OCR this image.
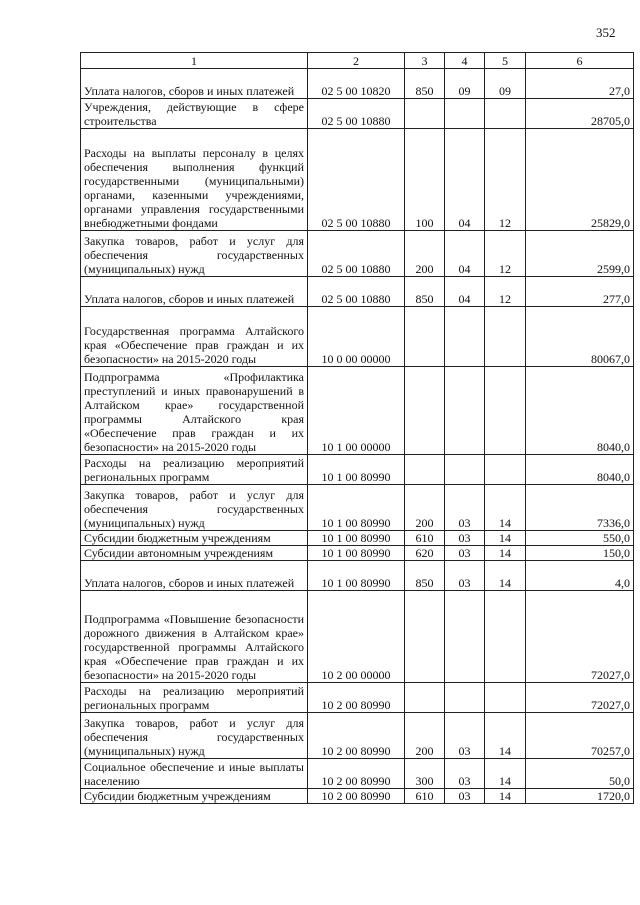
352
1	2	3	4	5	6
Уплата налогов, сборов и иных платежей	02 5 00 10820	850	09	09	27,0
Учреждения, действующие в сфере строительства	02 5 00 10880				28705,0
Расходы на выплаты персоналу в целях обеспечения выполнения функций государственными (муниципальными) органами, казенными учреждениями, органами управления государственными внебюджетными фондами	02 5 00 10880	100	04	12	25829,0
Закупка товаров, работ и услуг для обеспечения государственных (муниципальных) нужд	02 5 00 10880	200	04	12	2599,0
Уплата налогов, сборов и иных платежей	02 5 00 10880	850	04	12	277,0
Государственная программа Алтайского края «Обеспечение прав граждан и их безопасности» на 2015-2020 годы	10 0 00 00000				80067,0
Подпрограмма «Профилактика преступлений и иных правонарушений в Алтайском крае» государственной программы Алтайского края «Обеспечение прав граждан и их безопасности» на 2015-2020 годы	10 1 00 00000				8040,0
Расходы на реализацию мероприятий региональных программ	10 1 00 80990				8040,0
Закупка товаров, работ и услуг для обеспечения государственных (муниципальных) нужд	10 1 00 80990	200	03	14	7336,0
Субсидии бюджетным учреждениям	10 1 00 80990	610	03	14	550,0
Субсидии автономным учреждениям	10 1 00 80990	620	03	14	150,0
Уплата налогов, сборов и иных платежей	10 1 00 80990	850	03	14	4,0
Подпрограмма «Повышение безопасности дорожного движения в Алтайском крае» государственной программы Алтайского края «Обеспечение прав граждан и их безопасности» на 2015-2020 годы	10 2 00 00000				72027,0
Расходы на реализацию мероприятий региональных программ	10 2 00 80990				72027,0
Закупка товаров, работ и услуг для обеспечения государственных (муниципальных) нужд	10 2 00 80990	200	03	14	70257,0
Социальное обеспечение и иные выплаты населению	10 2 00 80990	300	03	14	50,0
Субсидии бюджетным учреждениям	10 2 00 80990	610	03	14	1720,0
